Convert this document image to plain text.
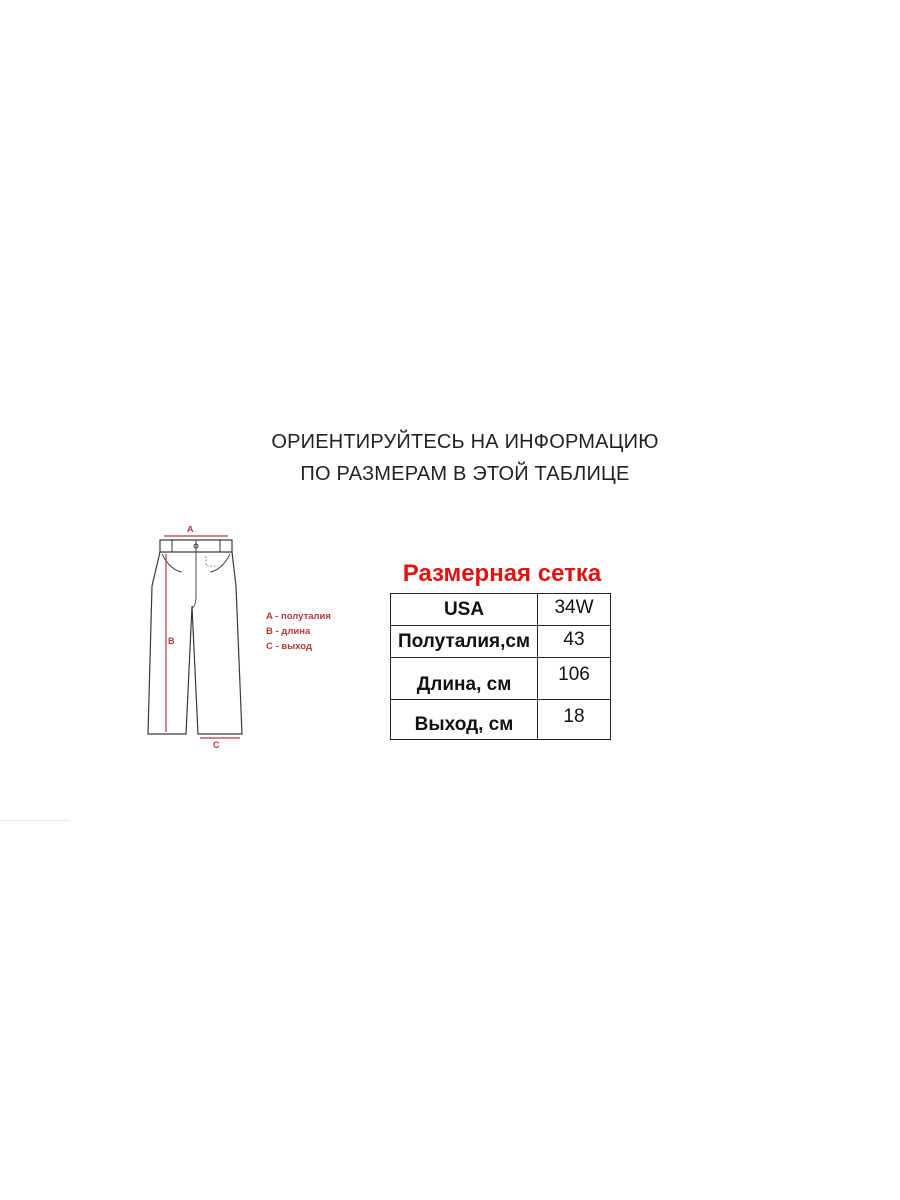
ОРИЕНТИРУЙТЕСЬ НА ИНФОРМАЦИЮ
ПО РАЗМЕРАМ В ЭТОЙ ТАБЛИЦЕ
A
B
C
A - полуталия
B - длина
C - выход
Размерная сетка
USA	34W
Полуталия,см	43
Длина, см	106
Выход, см	18
